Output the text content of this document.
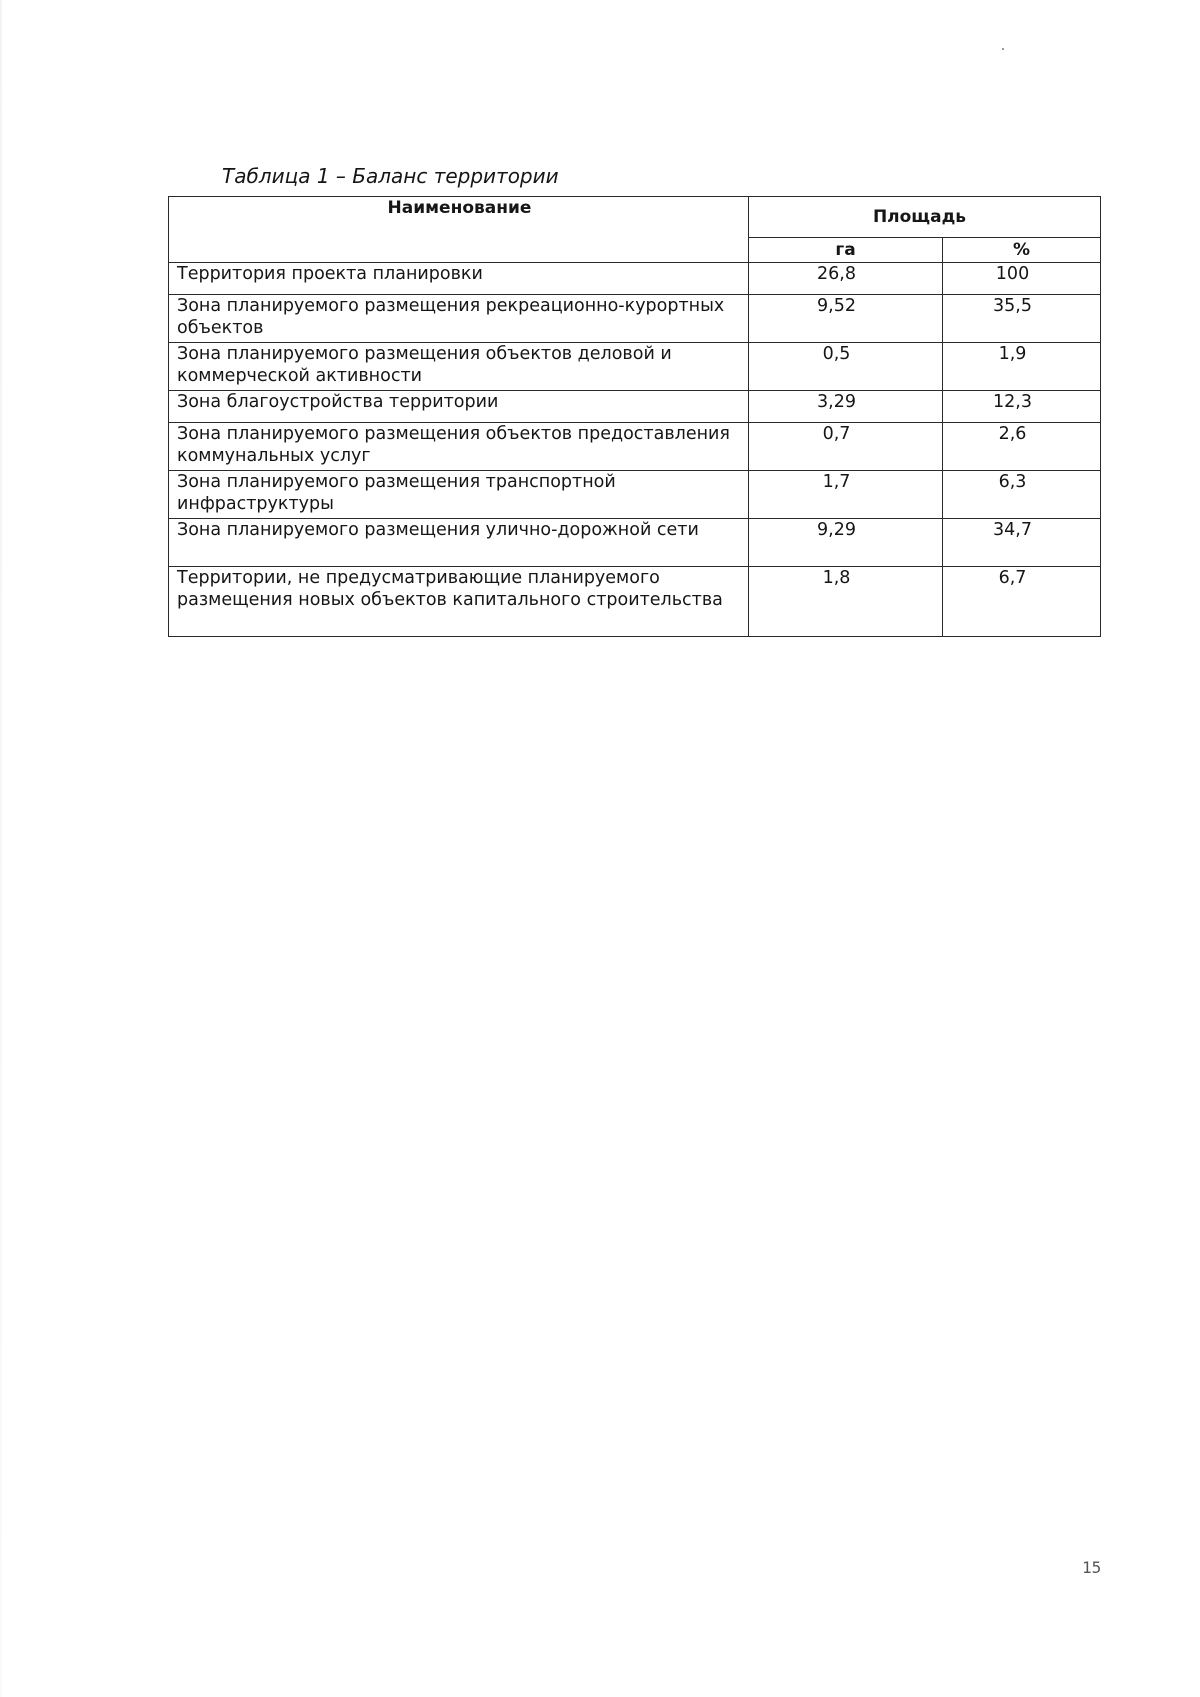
Таблица 1 – Баланс территории
Наименование	Площадь	
	га	%
Территория проекта планировки	26,8	100
Зона планируемого размещения рекреационно-курортных объектов	9,52	35,5
Зона планируемого размещения объектов деловой и коммерческой активности	0,5	1,9
Зона благоустройства территории	3,29	12,3
Зона планируемого размещения объектов предоставления коммунальных услуг	0,7	2,6
Зона планируемого размещения транспортной инфраструктуры	1,7	6,3
Зона планируемого размещения улично-дорожной сети	9,29	34,7
Территории, не предусматривающие планируемого размещения новых объектов капитального строительства	1,8	6,7
15
